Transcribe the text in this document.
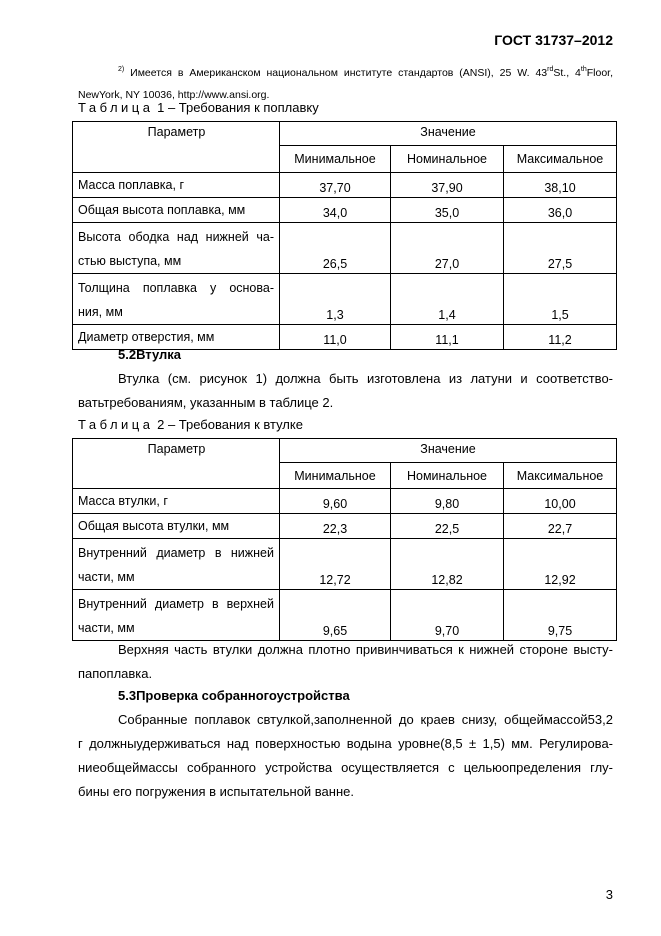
ГОСТ 31737–2012
$^{2)}$ Имеется в Американском национальном институте стандартов (ANSI), 25 W. 43rdSt., 4thFloor,
NewYork, NY 10036, http://www.ansi.org.
Таблица 1 – Требования к поплавку
Параметр	Значение		
	Минимальное	Номинальное	Максимальное
Масса поплавка, г	37,70	37,90	38,10
Общая высота поплавка, мм	34,0	35,0	36,0

Высота ободка над нижней ча-
стью выступа, мм	26,5	27,0	27,5

Толщина поплавка у основа-
ния, мм	1,3	1,4	1,5
Диаметр отверстия, мм	11,0	11,1	11,2
5.2Втулка
Втулка (см. рисунок 1) должна быть изготовлена из латуни и соответство-
ватьтребованиям, указанным в таблице 2.
Таблица 2 – Требования к втулке
Параметр	Значение		
	Минимальное	Номинальное	Максимальное
Масса втулки, г	9,60	9,80	10,00
Общая высота втулки, мм	22,3	22,5	22,7

Внутренний диаметр в нижней
части, мм	12,72	12,82	12,92

Внутренний диаметр в верхней
части, мм	9,65	9,70	9,75
Верхняя часть втулки должна плотно привинчиваться к нижней стороне высту-
папоплавка.
5.3Проверка собранногоустройства
Собранные поплавок свтулкой,заполненной до краев снизу, общеймассой53,2
г должныудерживаться над поверхностью водына уровне(8,5 ± 1,5) мм. Регулирова-
ниеобщеймассы собранного устройства осуществляется с цельюопределения глу-
бины его погружения в испытательной ванне.
3
